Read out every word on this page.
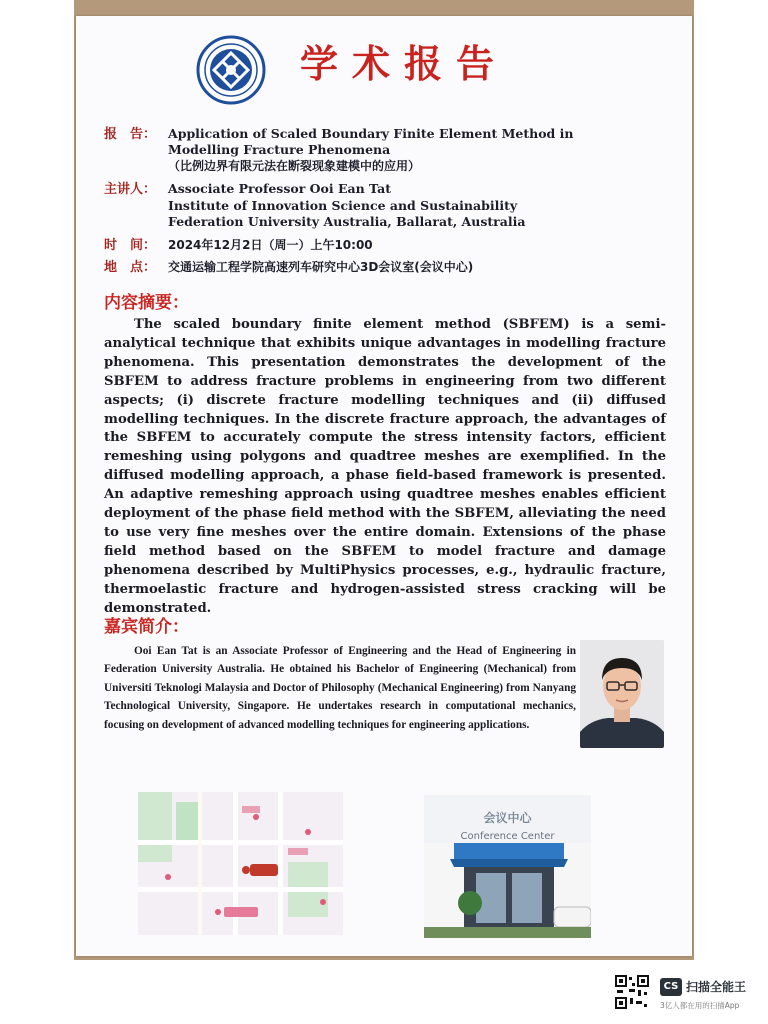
学术报告
报　告： Application of Scaled Boundary Finite Element Method in
Modelling Fracture Phenomena
（比例边界有限元法在断裂现象建模中的应用）
主讲人： Associate Professor Ooi Ean Tat
Institute of Innovation Science and Sustainability
Federation University Australia, Ballarat, Australia
时　间： 2024年12月2日（周一）上午10:00
地　点： 交通运输工程学院高速列车研究中心3D会议室(会议中心)
内容摘要：
The scaled boundary finite element method (SBFEM) is a semi-analytical technique that exhibits unique advantages in modelling fracture phenomena. This presentation demonstrates the development of the SBFEM to address fracture problems in engineering from two different aspects; (i) discrete fracture modelling techniques and (ii) diffused modelling techniques. In the discrete fracture approach, the advantages of the SBFEM to accurately compute the stress intensity factors, efficient remeshing using polygons and quadtree meshes are exemplified. In the diffused modelling approach, a phase field-based framework is presented. An adaptive remeshing approach using quadtree meshes enables efficient deployment of the phase field method with the SBFEM, alleviating the need to use very fine meshes over the entire domain. Extensions of the phase field method based on the SBFEM to model fracture and damage phenomena described by MultiPhysics processes, e.g., hydraulic fracture, thermoelastic fracture and hydrogen-assisted stress cracking will be demonstrated.
嘉宾简介：
Ooi Ean Tat is an Associate Professor of Engineering and the Head of Engineering in Federation University Australia. He obtained his Bachelor of Engineering (Mechanical) from Universiti Teknologi Malaysia and Doctor of Philosophy (Mechanical Engineering) from Nanyang Technological University, Singapore. He undertakes research in computational mechanics, focusing on development of advanced modelling techniques for engineering applications.
会议中心
Conference Center
CS 扫描全能王
3亿人都在用的扫描App
